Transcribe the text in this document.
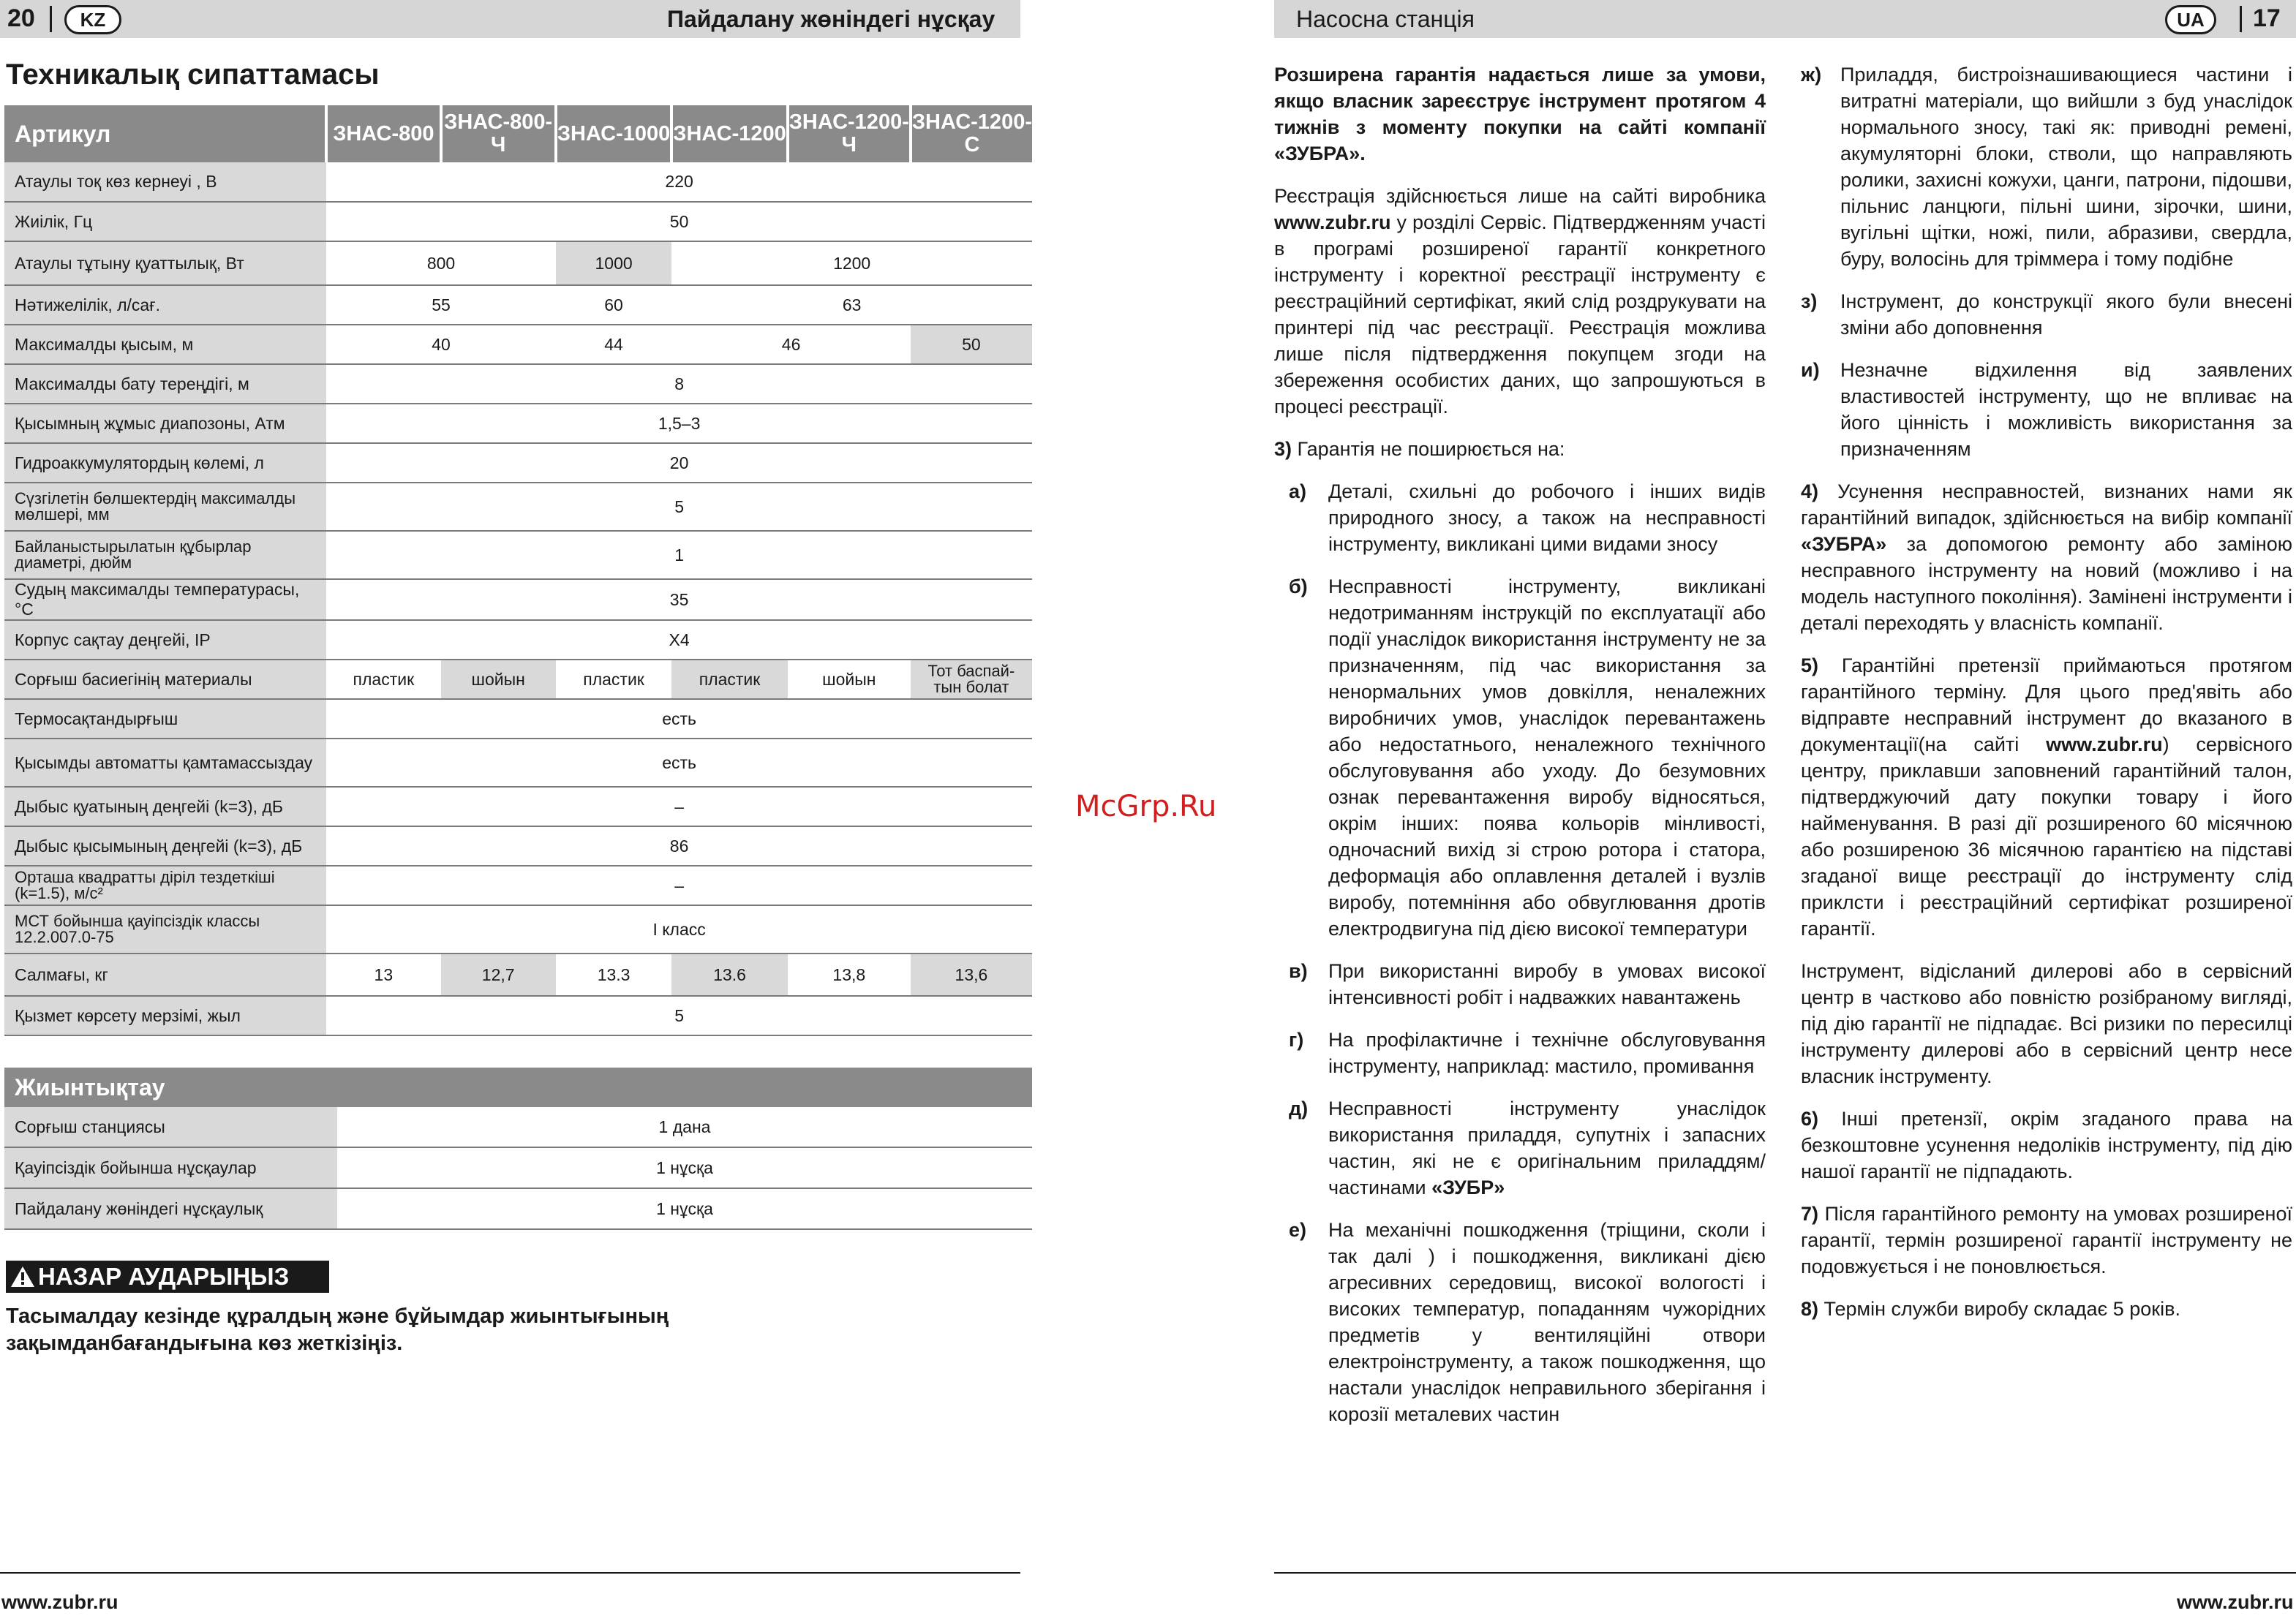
20	KZ	Пайдалану жөніндегі нұсқау
Техникалық сипаттамасы
Артикул	ЗНАС-800	ЗНАС-800-Ч	ЗНАС-1000	ЗНАС-1200	ЗНАС-1200-Ч	ЗНАС-1200-С
Атаулы тоқ көз кернеуі , В	220					
Жиілік, Гц	50					
Атаулы тұтыну қуаттылық, Вт	800		1000	1200		
Нәтижелілік, л/сағ.	55		60	63		
Максималды қысым, м	40		44	46		50
Максималды бату тереңдігі, м	8					
Қысымның жұмыс диапозоны, Атм	1,5–3					
Гидроаккумулятордың көлемі, л	20					
Сүзгілетін бөлшектердің максималды мөлшері, мм	5					
Байланыстырылатын құбырлар диаметрі, дюйм	1					
Судың максималды температурасы, °С	35					
Корпус сақтау деңгейі, IP	Х4					
Сорғыш басиегінің материалы	пластик	шойын	пластик	пластик	шойын	Тот баспай-тын болат
Термосақтандырғыш	есть					
Қысымды автоматты қамтамассыздау	есть					
Дыбыс қуатының деңгейі (k=3), дБ	–					
Дыбыс қысымының деңгейі (k=3), дБ	86					
Орташа квадратты діріл тездеткіші (k=1.5), м/с²	–					
МСТ бойынша қауіпсіздік классы 12.2.007.0-75	I класс					
Салмағы, кг	13	12,7	13.3	13.6	13,8	13,6
Қызмет көрсету мерзімі, жыл	5					
Жиынтықтау	
Сорғыш станциясы	1 дана
Қауіпсіздік бойынша нұсқаулар	1 нұсқа
Пайдалану жөніндегі нұсқаулық	1 нұсқа
НАЗАР АУДАРЫҢЫЗ
Тасымалдау кезінде құралдың және бұйымдар жиынтығының зақымданбағандығына көз жеткізіңіз.
www.zubr.ru
McGrp.Ru
Насосна станція	UA	17

Розширена гарантія надається лише за умови, якщо власник зареєструє інструмент протягом 4 тижнів з моменту покупки на сайті компанії «ЗУБРА».

Реєстрація здійснюється лише на сайті виробника www.zubr.ru у розділі Сервіс. Підтвердженням участі в програмі розширеної гарантії конкретного інструменту і коректної реєстрації інструменту є реєстраційний сертифікат, який слід роздрукувати на принтері під час реєстрації. Реєстрація можлива лише після підтвердження покупцем згоди на збереження особистих даних, що запрошуються в процесі реєстрації.

3) Гарантія не поширюється на:

а) Деталі, схильні до робочого і інших видів природного зносу, а також на несправності інструменту, викликані цими видами зносу
б) Несправності інструменту, викликані недотриманням інструкцій по експлуатації або події унаслідок використання інструменту не за призначенням, під час використання за ненормальних умов довкілля, неналежних виробничих умов, унаслідок перевантажень або недостатнього, неналежного технічного обслуговування або уходу. До безумовних ознак перевантаження виробу відносяться, окрім інших: поява кольорів мінливості, одночасний вихід зі строю ротора і статора, деформація або оплавлення деталей і вузлів виробу, потемніння або обвуглювання дротів електродвигуна під дією високої температури
в) При використанні виробу в умовах високої інтенсивності робіт і надважких навантажень
г) На профілактичне і технічне обслуговування інструменту, наприклад: мастило, промивання
д) Несправності інструменту унаслідок використання приладдя, супутніх і запасних частин, які не є оригінальним приладдям/частинами «ЗУБР»
е) На механічні пошкодження (тріщини, сколи і так далі ) і пошкодження, викликані дією агресивних середовищ, високої вологості і високих температур, попаданням чужорідних предметів у вентиляційні отвори електроінструменту, а також пошкодження, що настали унаслідок неправильного зберігання і корозії металевих частин
ж) Приладдя, бистроізнашивающиеся частини і витратні матеріали, що вийшли з буд унаслідок нормального зносу, такі як: приводні ремені, акумуляторні блоки, стволи, що направляють ролики, захисні кожухи, цанги, патрони, підошви, пільнис ланцюги, пільні шини, зірочки, шини, вугільні щітки, ножі, пили, абразиви, свердла, буру, волосінь для тріммера і тому подібне
з) Інструмент, до конструкції якого були внесені зміни або доповнення
и) Незначне відхилення від заявлених властивостей інструменту, що не впливає на його цінність і можливість використання за призначенням

4) Усунення несправностей, визнаних нами як гарантійний випадок, здійснюється на вибір компанії «ЗУБРА» за допомогою ремонту або заміною несправного інструменту на новий (можливо і на модель наступного покоління). Замінені інструменти і деталі переходять у власність компанії.

5) Гарантійні претензії приймаються протягом гарантійного терміну. Для цього пред'явіть або відправте несправний інструмент до вказаного в документації(на сайті www.zubr.ru) сервісного центру, приклавши заповнений гарантійний талон, підтверджуючий дату покупки товару і його найменування. В разі дії розширеного 60 місячною або розширеною 36 місячною гарантією на підставі згаданої вище реєстрації до інструменту слід приклсти і реєстраційний сертифікат розширеної гарантії.

Інструмент, відісланий дилерові або в сервісний центр в частково або повністю розібраному вигляді, під дію гарантії не підпадає. Всі ризики по пересилці інструменту дилерові або в сервісний центр несе власник інструменту.

6) Інші претензії, окрім згаданого права на безкоштовне усунення недоліків інструменту, під дію нашої гарантії не підпадають.

7) Після гарантійного ремонту на умовах розширеної гарантії, термін розширеної гарантії інструменту не подовжується і не поновлюється.

8) Термін служби виробу складає 5 років.

www.zubr.ru
